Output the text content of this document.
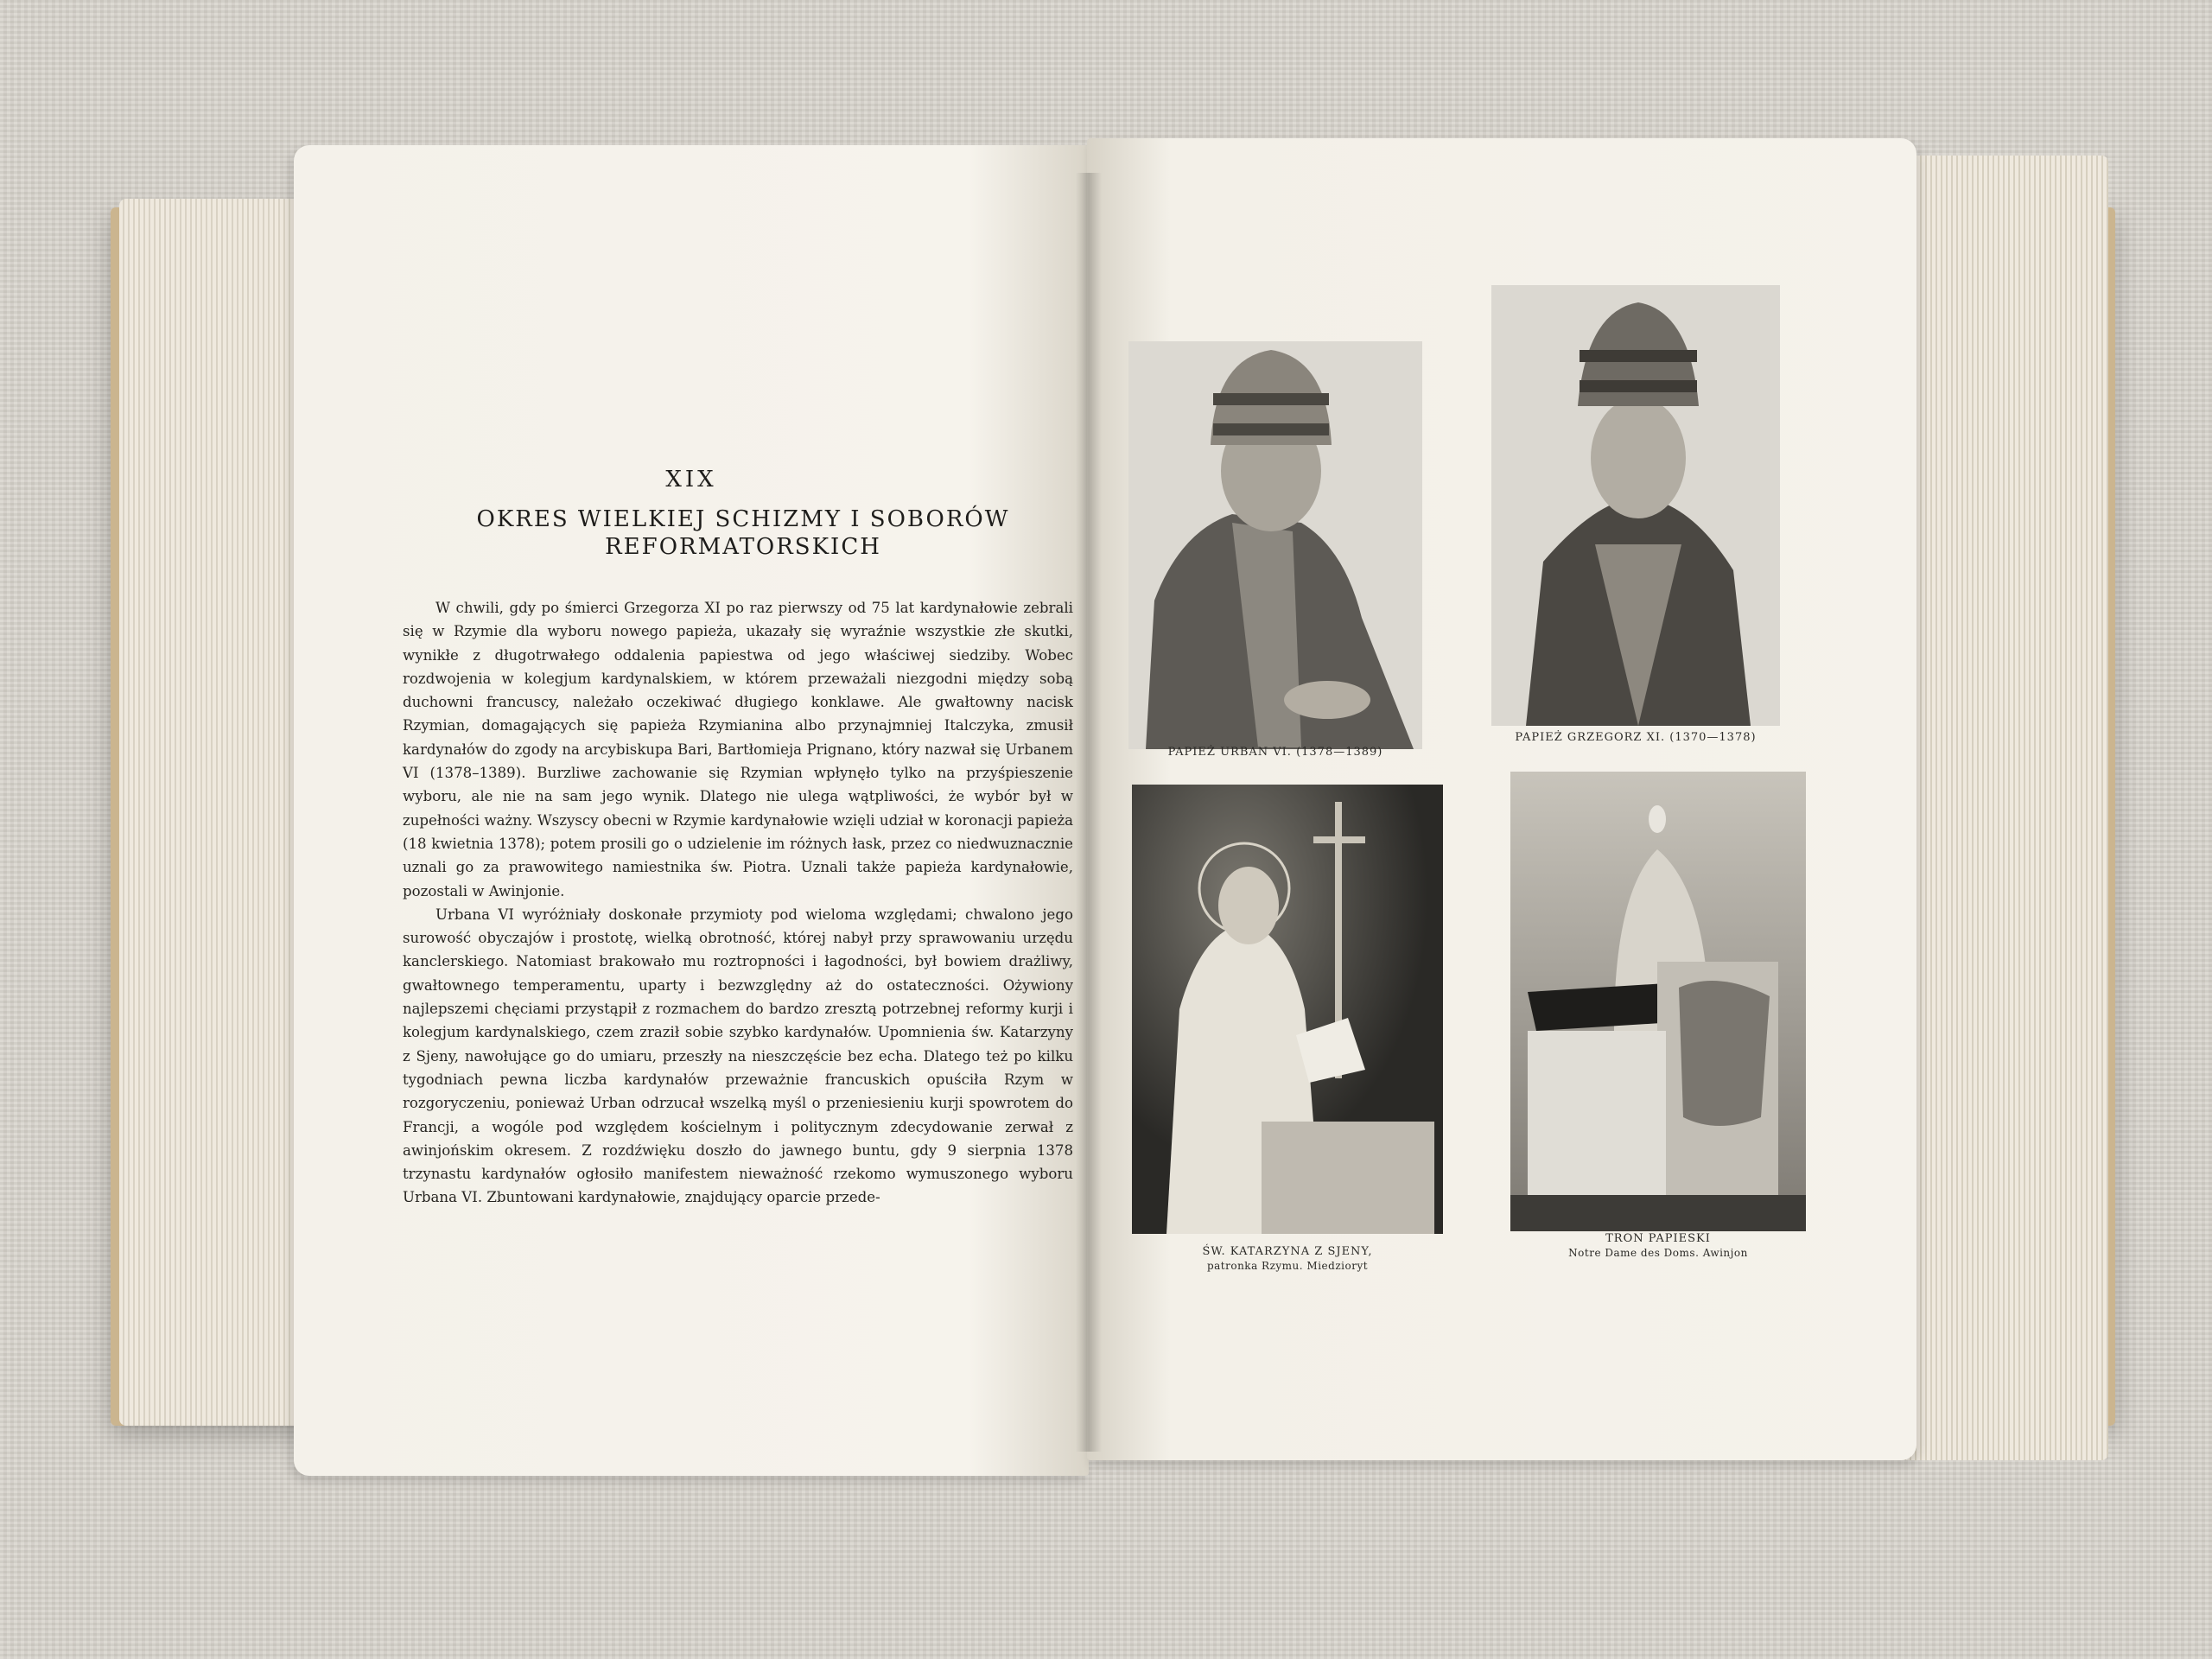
XIX
OKRES WIELKIEJ SCHIZMY I SOBORÓW
REFORMATORSKICH

W chwili, gdy po śmierci Grzegorza XI po raz pierwszy od 75 lat kardynałowie zebrali się w Rzymie dla wyboru nowego papieża, ukazały się wyraźnie wszystkie złe skutki, wynikłe z długotrwałego oddalenia papiestwa od jego właściwej siedziby. Wobec rozdwojenia w kolegjum kardynalskiem, w którem przeważali niezgodni między sobą duchowni francuscy, należało oczekiwać długiego konklawe. Ale gwałtowny nacisk Rzymian, domagających się papieża Rzymianina albo przynajmniej Italczyka, zmusił kardynałów do zgody na arcybiskupa Bari, Bartłomieja Prignano, który nazwał się Urbanem VI (1378–1389). Burzliwe zachowanie się Rzymian wpłynęło tylko na przyśpieszenie wyboru, ale nie na sam jego wynik. Dlatego nie ulega wątpliwości, że wybór był w zupełności ważny. Wszyscy obecni w Rzymie kardynałowie wzięli udział w koronacji papieża (18 kwietnia 1378); potem prosili go o udzielenie im różnych łask, przez co niedwuznacznie uznali go za prawowitego namiestnika św. Piotra. Uznali także papieża kardynałowie, pozostali w Awinjonie.

Urbana VI wyróżniały doskonałe przymioty pod wieloma względami; chwalono jego surowość obyczajów i prostotę, wielką obrotność, której nabył przy sprawowaniu urzędu kanclerskiego. Natomiast brakowało mu roztropności i łagodności, był bowiem drażliwy, gwałtownego temperamentu, uparty i bezwzględny aż do ostateczności. Ożywiony najlepszemi chęciami przystąpił z rozmachem do bardzo zresztą potrzebnej reformy kurji i kolegjum kardynalskiego, czem zraził sobie szybko kardynałów. Upomnienia św. Katarzyny z Sjeny, nawołujące go do umiaru, przeszły na nieszczęście bez echa. Dlatego też po kilku tygodniach pewna liczba kardynałów przeważnie francuskich opuściła Rzym w rozgoryczeniu, ponieważ Urban odrzucał wszelką myśl o przeniesieniu kurji spowrotem do Francji, a wogóle pod względem kościelnym i politycznym zdecydowanie zerwał z awinjońskim okresem. Z rozdźwięku doszło do jawnego buntu, gdy 9 sierpnia 1378 trzynastu kardynałów ogłosiło manifestem nieważność rzekomo wymuszonego wyboru Urbana VI. Zbuntowani kardynałowie, znajdujący oparcie przede-

PAPIEŻ URBAN VI. (1378—1389)
PAPIEŻ GRZEGORZ XI. (1370—1378)
ŚW. KATARZYNA Z SJENY,
patronka Rzymu. Miedzioryt
TRON PAPIESKI
Notre Dame des Doms. Awinjon
